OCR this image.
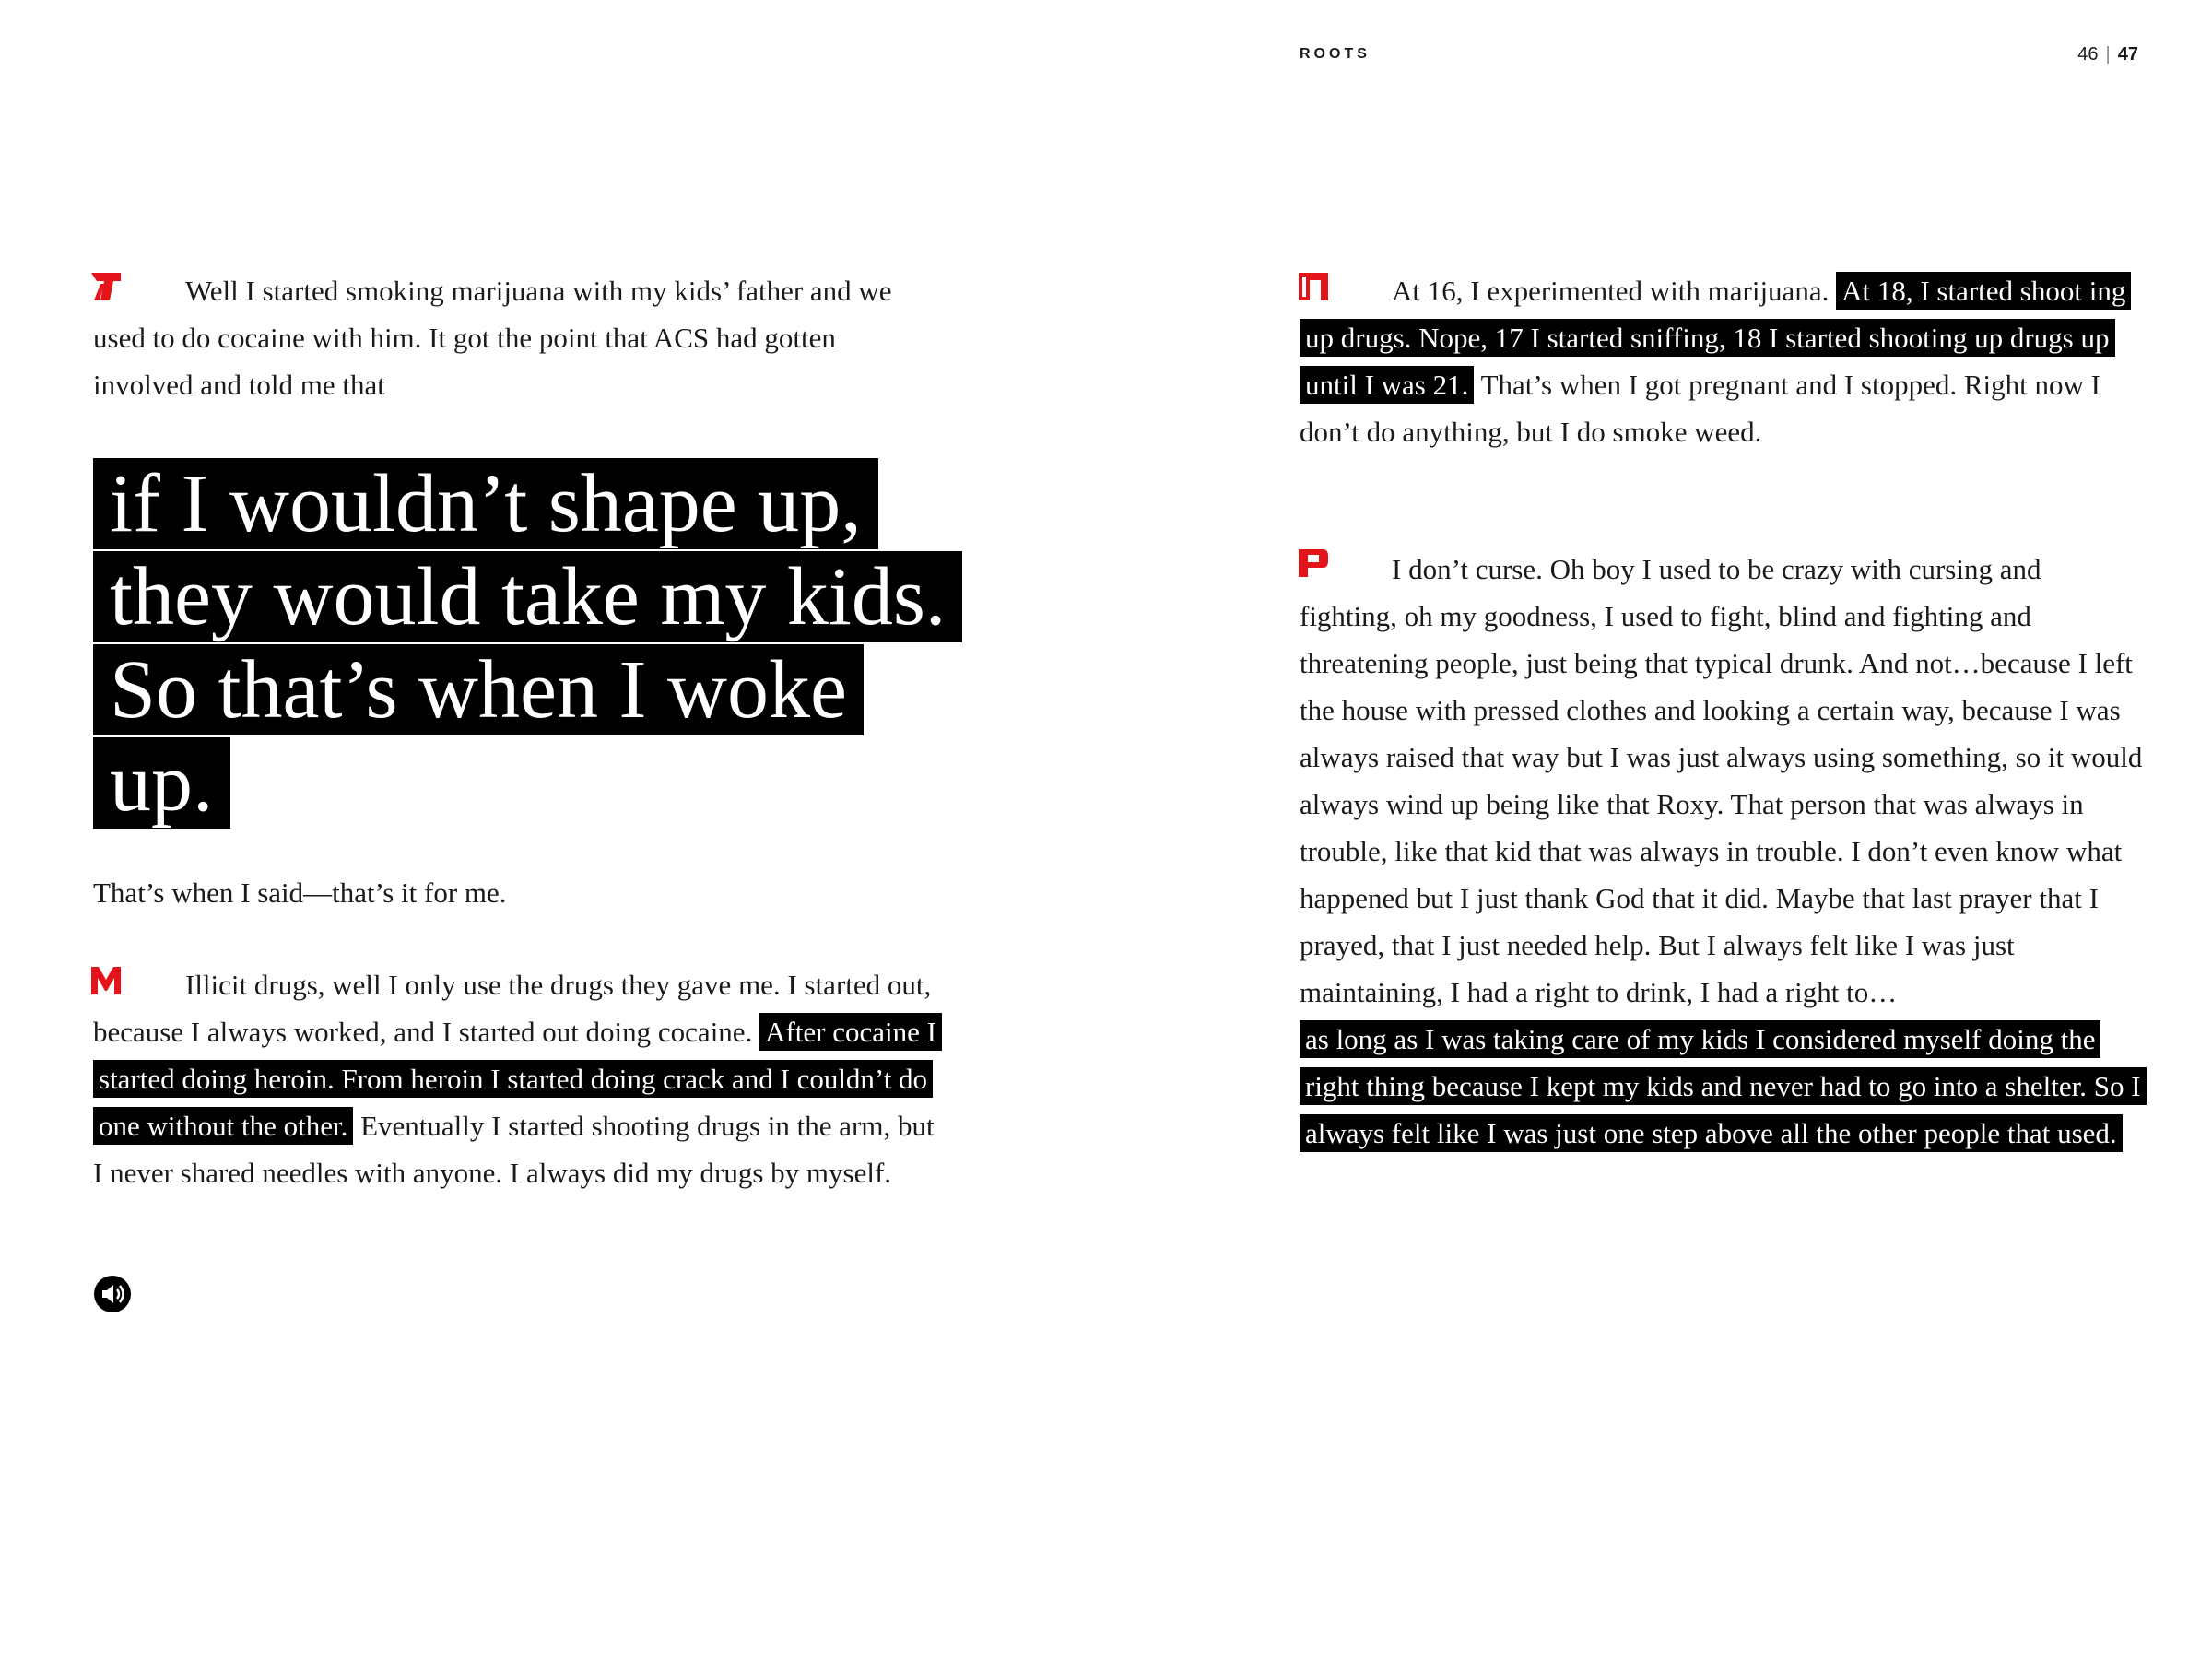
ROOTS	46 | 47

Well I started smoking marijuana with my kids’ father and we used to do cocaine with him. It got the point that ACS had gotten involved and told me that

if I wouldn’t shape up, they would take my kids. So that’s when I woke up.

That’s when I said—that’s it for me.

Illicit drugs, well I only use the drugs they gave me. I started out, because I always worked, and I started out doing cocaine. After cocaine I started doing heroin. From heroin I started doing crack and I couldn’t do one without the other. Eventually I started shooting drugs in the arm, but I never shared needles with anyone. I always did my drugs by myself.

At 16, I experimented with marijuana. At 18, I started shoot ing up drugs. Nope, 17 I started sniffing, 18 I started shooting up drugs up until I was 21. That’s when I got pregnant and I stopped. Right now I don’t do anything, but I do smoke weed.

I don’t curse. Oh boy I used to be crazy with cursing and fighting, oh my goodness, I used to fight, blind and fighting and threatening people, just being that typical drunk. And not…because I left the house with pressed clothes and looking a certain way, because I was always raised that way but I was just always using something, so it would always wind up being like that Roxy. That person that was always in trouble, like that kid that was always in trouble. I don’t even know what happened but I just thank God that it did. Maybe that last prayer that I prayed, that I just needed help. But I always felt like I was just maintaining, I had a right to drink, I had a right to…
as long as I was taking care of my kids I considered myself doing the right thing because I kept my kids and never had to go into a shelter. So I always felt like I was just one step above all the other people that used.
